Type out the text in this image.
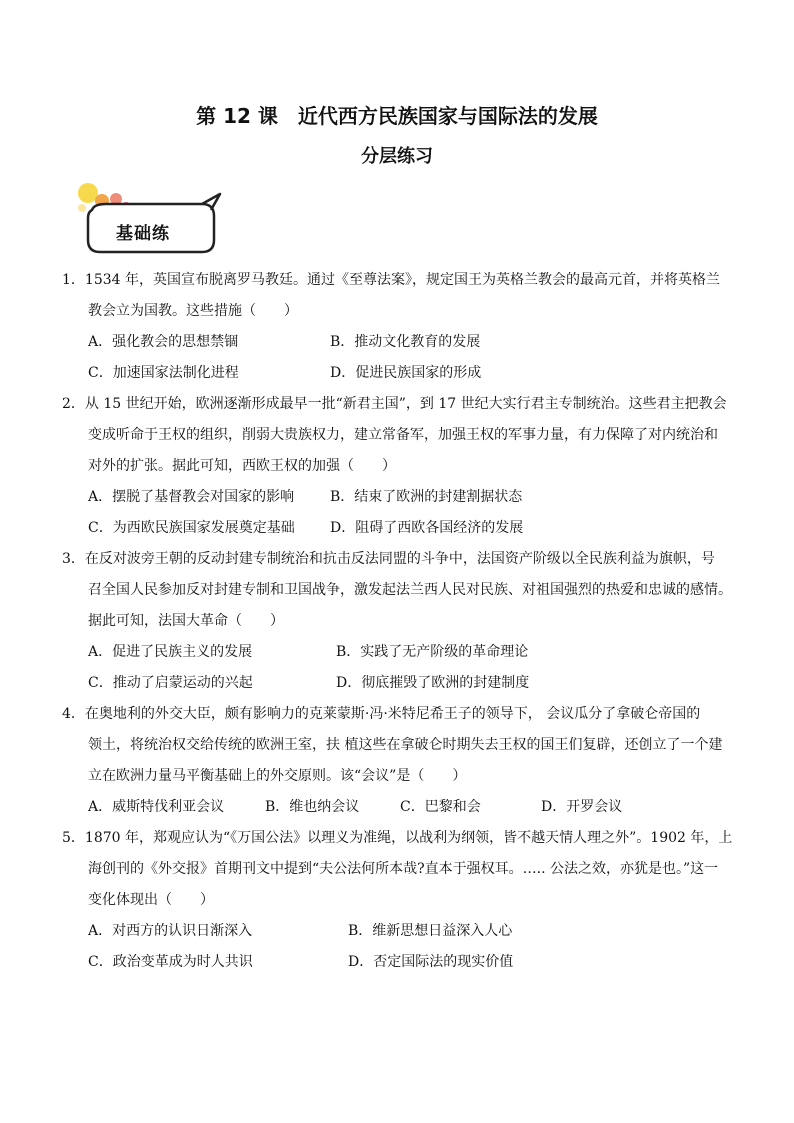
第 12 课　近代西方民族国家与国际法的发展
分层练习
基础练
1．1534 年，英国宣布脱离罗马教廷。通过《至尊法案》，规定国王为英格兰教会的最高元首，并将英格兰
教会立为国教。这些措施（　　）
A．强化教会的思想禁锢	B．推动文化教育的发展
C．加速国家法制化进程	D．促进民族国家的形成
2．从 15 世纪开始，欧洲逐渐形成最早一批“新君主国”，到 17 世纪大实行君主专制统治。这些君主把教会
变成听命于王权的组织，削弱大贵族权力，建立常备军，加强王权的军事力量，有力保障了对内统治和
对外的扩张。据此可知，西欧王权的加强（　　）
A．摆脱了基督教会对国家的影响	B．结束了欧洲的封建割据状态
C．为西欧民族国家发展奠定基础	D．阻碍了西欧各国经济的发展
3．在反对波旁王朝的反动封建专制统治和抗击反法同盟的斗争中，法国资产阶级以全民族利益为旗帜，号
召全国人民参加反对封建专制和卫国战争，激发起法兰西人民对民族、对祖国强烈的热爱和忠诚的感情。
据此可知，法国大革命（　　）
A．促进了民族主义的发展	B．实践了无产阶级的革命理论
C．推动了启蒙运动的兴起	D．彻底摧毁了欧洲的封建制度
4．在奥地利的外交大臣，颇有影响力的克莱蒙斯·冯·米特尼希王子的领导下， 会议瓜分了拿破仑帝国的
领土，将统治权交给传统的欧洲王室，扶 植这些在拿破仑时期失去王权的国王们复辟，还创立了一个建
立在欧洲力量马平衡基础上的外交原则。该“会议”是（　　）
A．威斯特伐利亚会议	B．维也纳会议	C．巴黎和会	D．开罗会议
5．1870 年，郑观应认为“《万国公法》以理义为准绳，以战利为纲领，皆不越天情人理之外”。1902 年，上
海创刊的《外交报》首期刊文中提到“夫公法何所本哉?直本于强权耳。….. 公法之效，亦犹是也。”这一
变化体现出（　　）
A．对西方的认识日渐深入	B．维新思想日益深入人心
C．政治变革成为时人共识	D．否定国际法的现实价值
